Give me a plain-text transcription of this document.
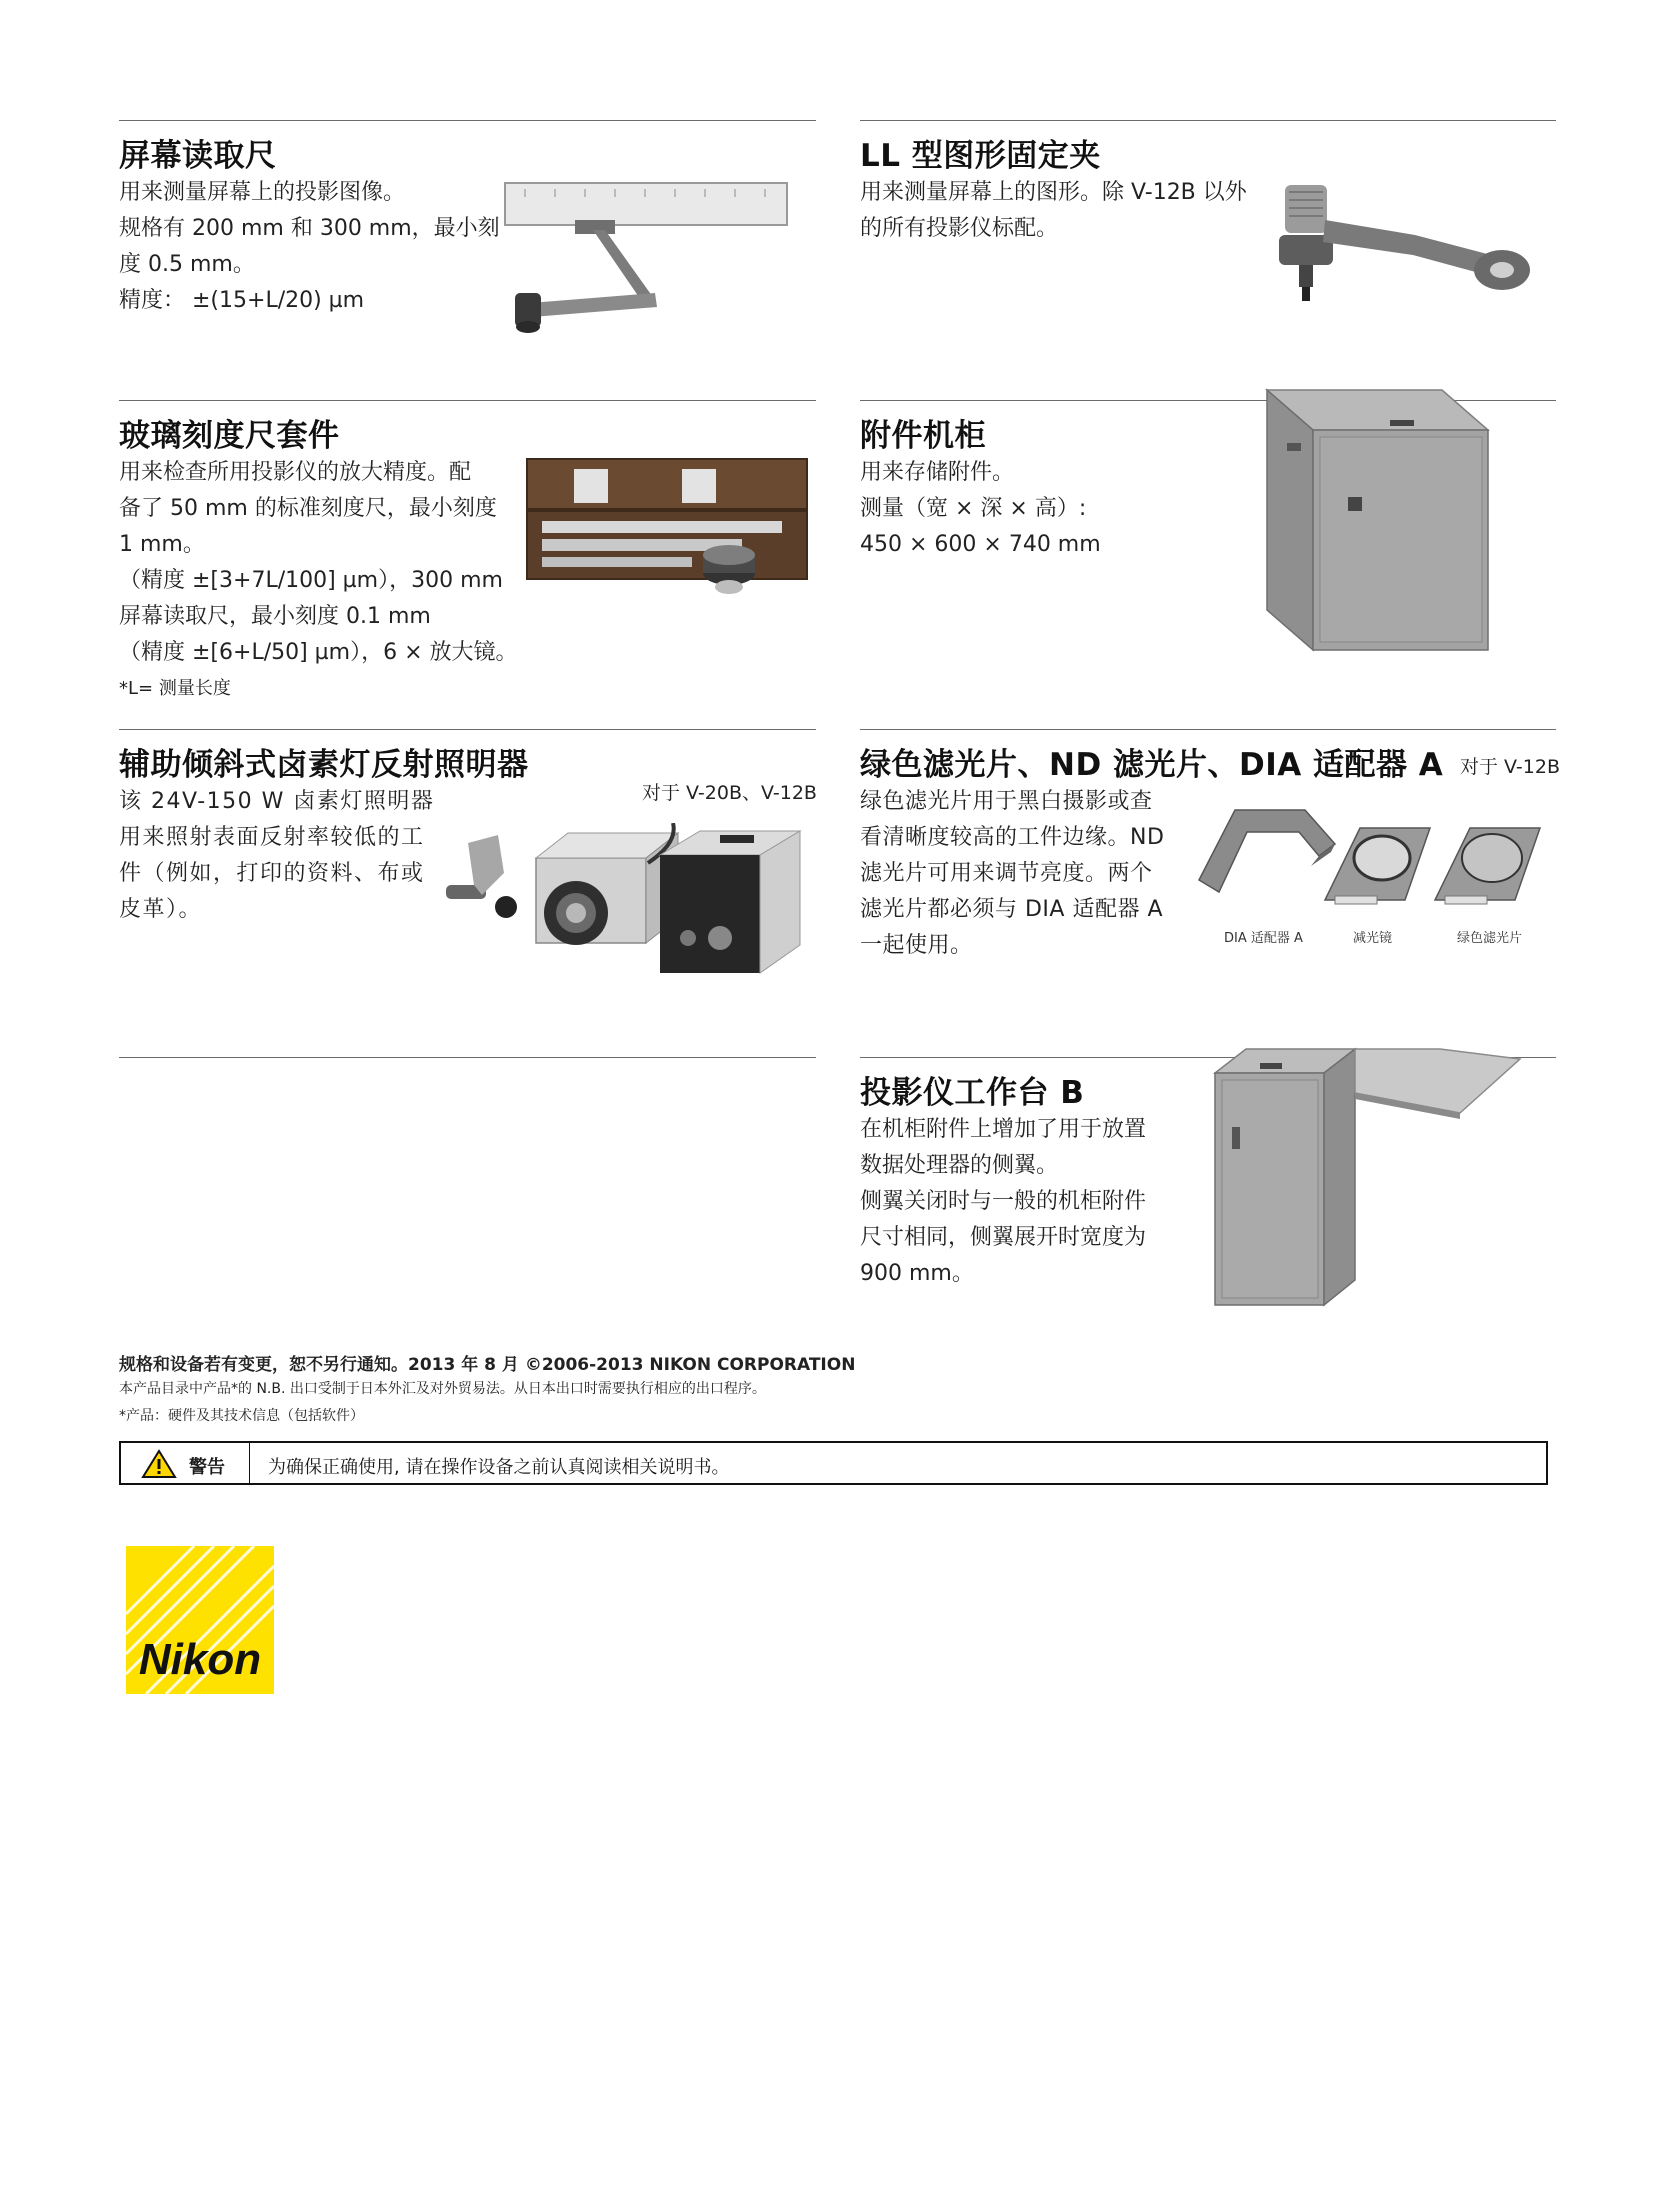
屏幕读取尺
用来测量屏幕上的投影图像。
规格有 200 mm 和 300 mm，最小刻
度 0.5 mm。
精度： ±(15+L/20) µm
LL 型图形固定夹
用来测量屏幕上的图形。除 V-12B 以外
的所有投影仪标配。
玻璃刻度尺套件
用来检查所用投影仪的放大精度。配
备了 50 mm 的标准刻度尺，最小刻度
1 mm。
（精度 ±[3+7L/100] µm），300 mm
屏幕读取尺，最小刻度 0.1 mm
（精度 ±[6+L/50] µm），6 × 放大镜。
*L= 测量长度
附件机柜
用来存储附件。
测量（宽 × 深 × 高）:
450 × 600 × 740 mm
辅助倾斜式卤素灯反射照明器
对于 V-20B、V-12B
该 24V-150 W 卤素灯照明器
用来照射表面反射率较低的工
件（例如，打印的资料、布或
皮革）。
绿色滤光片、ND 滤光片、DIA 适配器 A 对于 V-12B
绿色滤光片用于黑白摄影或查
看清晰度较高的工件边缘。ND
滤光片可用来调节亮度。两个
滤光片都必须与 DIA 适配器 A
一起使用。	DIA 适配器 A	减光镜	绿色滤光片
投影仪工作台 B
在机柜附件上增加了用于放置
数据处理器的侧翼。
侧翼关闭时与一般的机柜附件
尺寸相同，侧翼展开时宽度为
900 mm。
规格和设备若有变更，恕不另行通知。2013 年 8 月 ©2006-2013 NIKON CORPORATION
本产品目录中产品*的 N.B. 出口受制于日本外汇及对外贸易法。从日本出口时需要执行相应的出口程序。
*产品：硬件及其技术信息（包括软件）
警告 为确保正确使用, 请在操作设备之前认真阅读相关说明书。
Nikon
